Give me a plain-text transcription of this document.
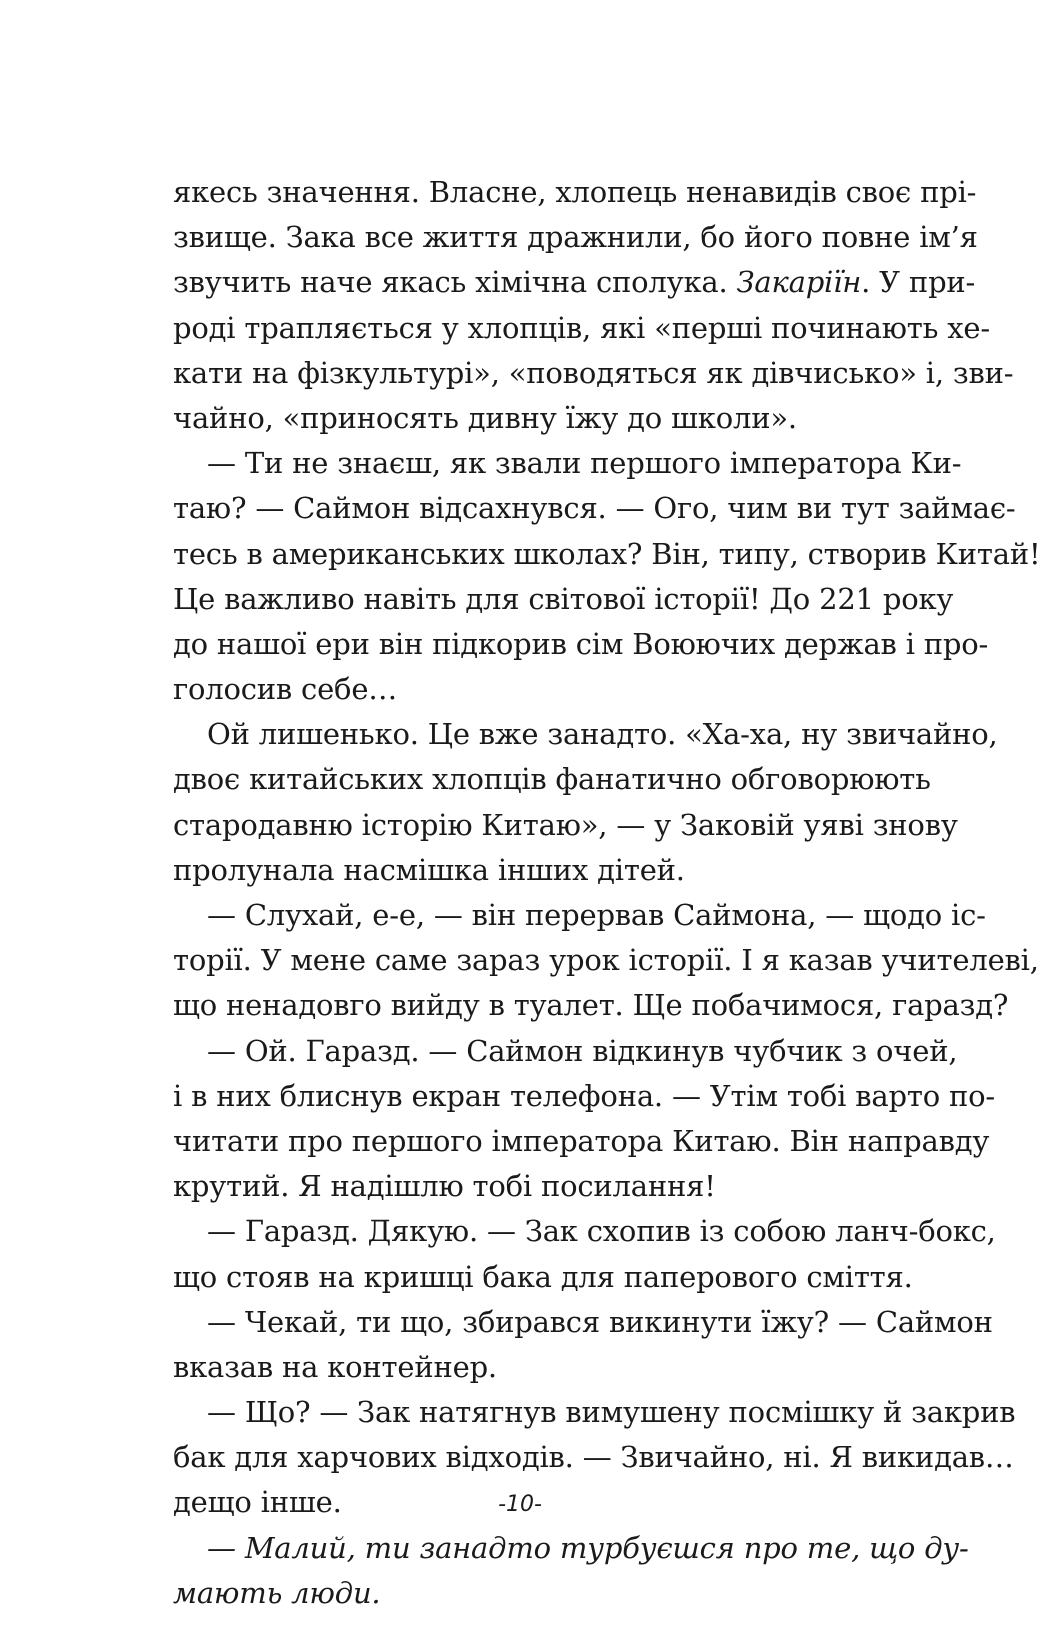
якесь значення. Власне, хлопець ненавидів своє прі-
звище. Зака все життя дражнили, бо його повне ім’я
звучить наче якась хімічна сполука. Закаріїн. У при-
роді трапляється у хлопців, які «перші починають хе-
кати на фізкультурі», «поводяться як дівчисько» і, зви-
чайно, «приносять дивну їжу до школи».
— Ти не знаєш, як звали першого імператора Ки-
таю? — Саймон відсахнувся. — Ого, чим ви тут займає-
тесь в американських школах? Він, типу, створив Китай!
Це важливо навіть для світової історії! До 221 року
до нашої ери він підкорив сім Воюючих держав і про-
голосив себе…
Ой лишенько. Це вже занадто. «Ха-ха, ну звичайно,
двоє китайських хлопців фанатично обговорюють
стародавню історію Китаю», — у Заковій уяві знову
пролунала насмішка інших дітей.
— Слухай, е-е, — він перервав Саймона, — щодо іс-
торії. У мене саме зараз урок історії. І я казав учителеві,
що ненадовго вийду в туалет. Ще побачимося, гаразд?
— Ой. Гаразд. — Саймон відкинув чубчик з очей,
і в них блиснув екран телефона. — Утім тобі варто по-
читати про першого імператора Китаю. Він направду
крутий. Я надішлю тобі посилання!
— Гаразд. Дякую. — Зак схопив із собою ланч-бокс,
що стояв на кришці бака для паперового сміття.
— Чекай, ти що, збирався викинути їжу? — Саймон
вказав на контейнер.
— Що? — Зак натягнув вимушену посмішку й закрив
бак для харчових відходів. — Звичайно, ні. Я викидав…
дещо інше.
— Малий, ти занадто турбуєшся про те, що ду-
мають люди.
-10-
